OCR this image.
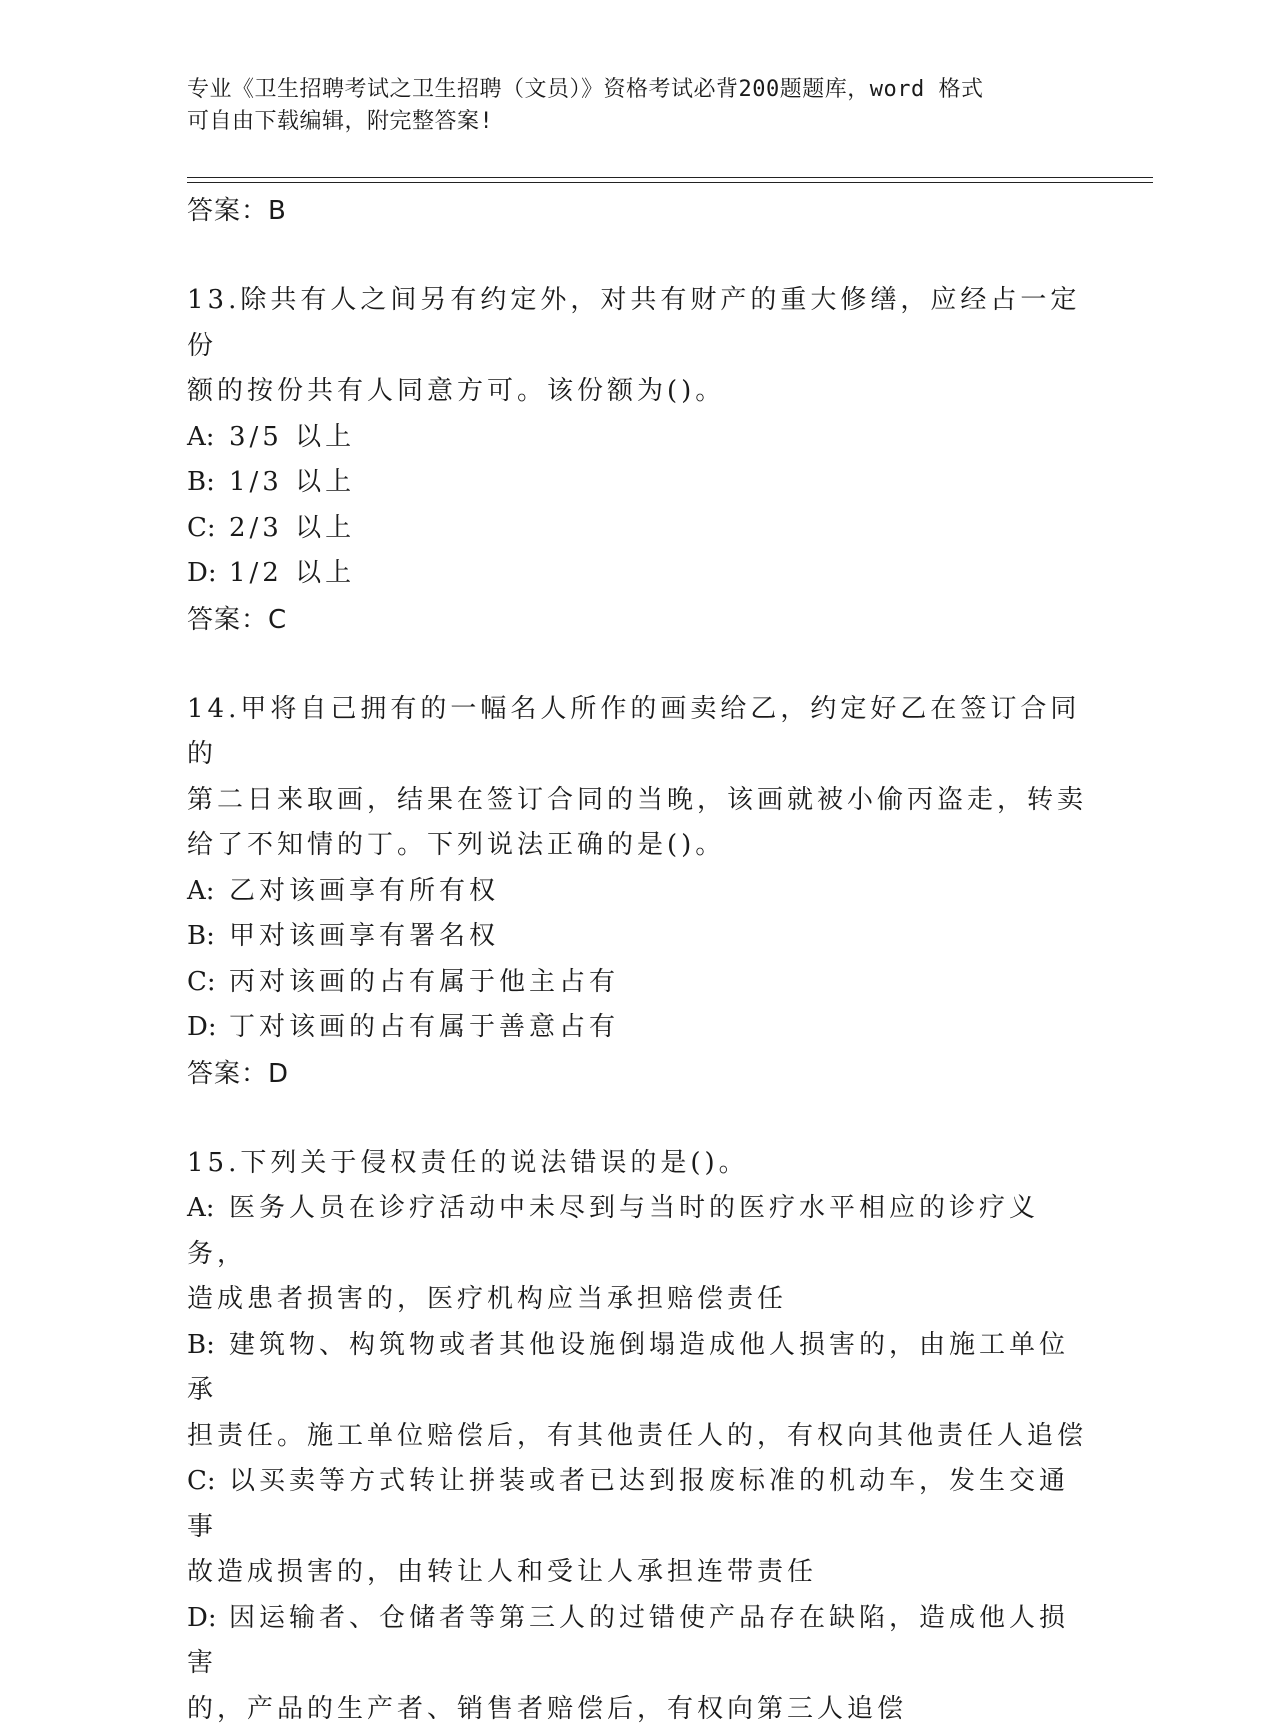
专业《卫生招聘考试之卫生招聘（文员）》资格考试必背200题题库，word 格式
可自由下载编辑，附完整答案!
答案：B
13.除共有人之间另有约定外，对共有财产的重大修缮，应经占一定份
额的按份共有人同意方可。该份额为()。
A: 3/5 以上
B: 1/3 以上
C: 2/3 以上
D: 1/2 以上
答案：C
14.甲将自己拥有的一幅名人所作的画卖给乙，约定好乙在签订合同的
第二日来取画，结果在签订合同的当晚，该画就被小偷丙盗走，转卖
给了不知情的丁。下列说法正确的是()。
A: 乙对该画享有所有权
B: 甲对该画享有署名权
C: 丙对该画的占有属于他主占有
D: 丁对该画的占有属于善意占有
答案：D
15.下列关于侵权责任的说法错误的是()。
A: 医务人员在诊疗活动中未尽到与当时的医疗水平相应的诊疗义务，
造成患者损害的，医疗机构应当承担赔偿责任
B: 建筑物、构筑物或者其他设施倒塌造成他人损害的，由施工单位承
担责任。施工单位赔偿后，有其他责任人的，有权向其他责任人追偿
C: 以买卖等方式转让拼装或者已达到报废标准的机动车，发生交通事
故造成损害的，由转让人和受让人承担连带责任
D: 因运输者、仓储者等第三人的过错使产品存在缺陷，造成他人损害
的，产品的生产者、销售者赔偿后，有权向第三人追偿
